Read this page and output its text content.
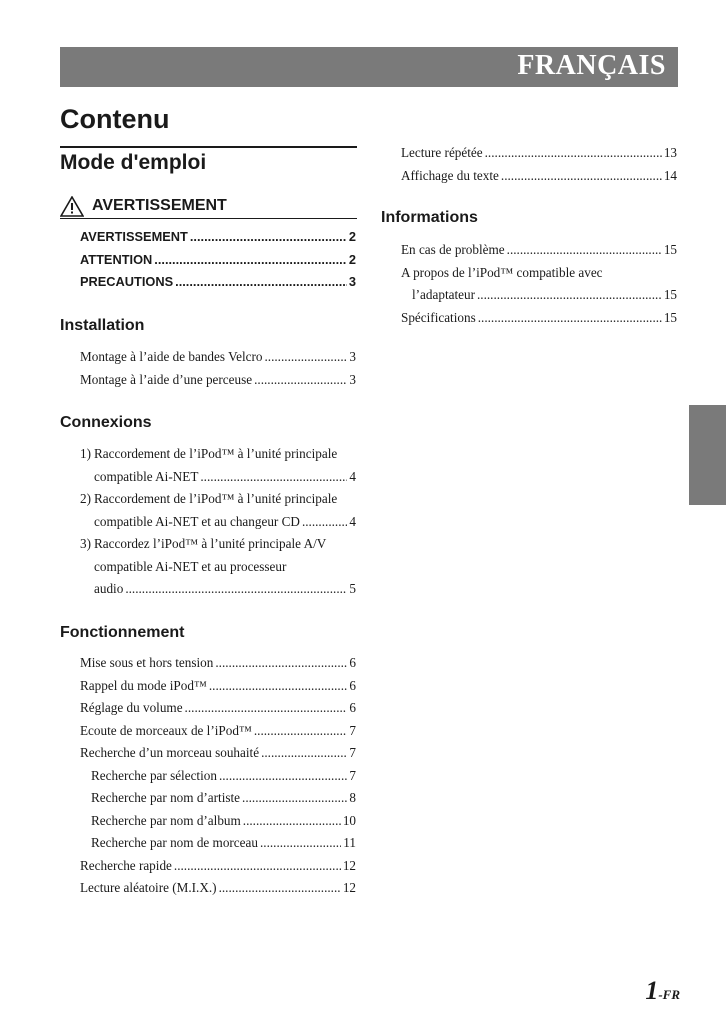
FRANÇAIS
Contenu
Mode d'emploi
AVERTISSEMENT
AVERTISSEMENT .....	2
ATTENTION .....	2
PRECAUTIONS .....	3
Installation
Montage à l’aide de bandes Velcro .....	3
Montage à l’aide d’une perceuse .....	3
Connexions
1) Raccordement de l’iPod™ à l’unité principale
compatible Ai-NET .....	4
2) Raccordement de l’iPod™ à l’unité principale
compatible Ai-NET et au changeur CD .....	4
3) Raccordez l’iPod™ à l’unité principale A/V
compatible Ai-NET et au processeur
audio .....	5
Fonctionnement
Mise sous et hors tension .....	6
Rappel du mode iPod™ .....	6
Réglage du volume .....	6
Ecoute de morceaux de l’iPod™ .....	7
Recherche d’un morceau souhaité .....	7
Recherche par sélection .....	7
Recherche par nom d’artiste .....	8
Recherche par nom d’album .....	10
Recherche par nom de morceau .....	11
Recherche rapide .....	12
Lecture aléatoire (M.I.X.) .....	12
Lecture répétée .....	13
Affichage du texte .....	14
Informations
En cas de problème .....	15
A propos de l’iPod™ compatible avec
l’adaptateur .....	15
Spécifications .....	15
1-FR
